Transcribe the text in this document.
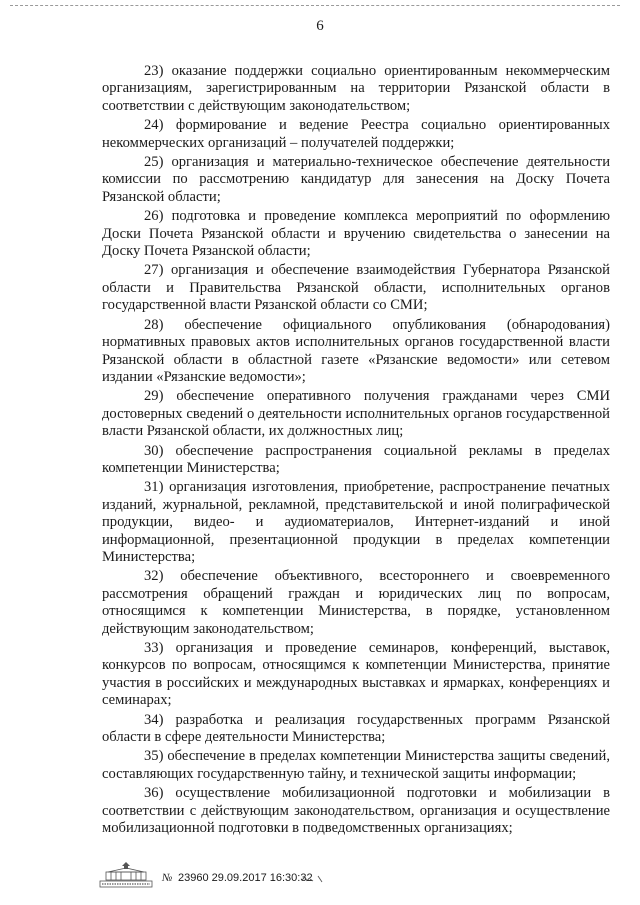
6

23) оказание поддержки социально ориентированным некоммерческим организациям, зарегистрированным на территории Рязанской области в соответствии с действующим законодательством;

24) формирование и ведение Реестра социально ориентированных некоммерческих организаций – получателей поддержки;

25) организация и материально-техническое обеспечение деятельности комиссии по рассмотрению кандидатур для занесения на Доску Почета Рязанской области;

26) подготовка и проведение комплекса мероприятий по оформлению Доски Почета Рязанской области и вручению свидетельства о занесении на Доску Почета Рязанской области;

27) организация и обеспечение взаимодействия Губернатора Рязанской области и Правительства Рязанской области, исполнительных органов государственной власти Рязанской области со СМИ;

28) обеспечение официального опубликования (обнародования) нормативных правовых актов исполнительных органов государственной власти Рязанской области в областной газете «Рязанские ведомости» или сетевом издании «Рязанские ведомости»;

29) обеспечение оперативного получения гражданами через СМИ достоверных сведений о деятельности исполнительных органов государственной власти Рязанской области, их должностных лиц;

30) обеспечение распространения социальной рекламы в пределах компетенции Министерства;

31) организация изготовления, приобретение, распространение печатных изданий, журнальной, рекламной, представительской и иной полиграфической продукции, видео- и аудиоматериалов, Интернет-изданий и иной информационной, презентационной продукции в пределах компетенции Министерства;

32) обеспечение объективного, всестороннего и своевременного рассмотрения обращений граждан и юридических лиц по вопросам, относящимся к компетенции Министерства, в порядке, установленном действующим законодательством;

33) организация и проведение семинаров, конференций, выставок, конкурсов по вопросам, относящимся к компетенции Министерства, принятие участия в российских и международных выставках и ярмарках, конференциях и семинарах;

34) разработка и реализация государственных программ Рязанской области в сфере деятельности Министерства;

35) обеспечение в пределах компетенции Министерства защиты сведений, составляющих государственную тайну, и технической защиты информации;

36) осуществление мобилизационной подготовки и мобилизации в соответствии с действующим законодательством, организация и осуществление мобилизационной подготовки в подведомственных организациях;

№ 23960 29.09.2017 16:30:32
